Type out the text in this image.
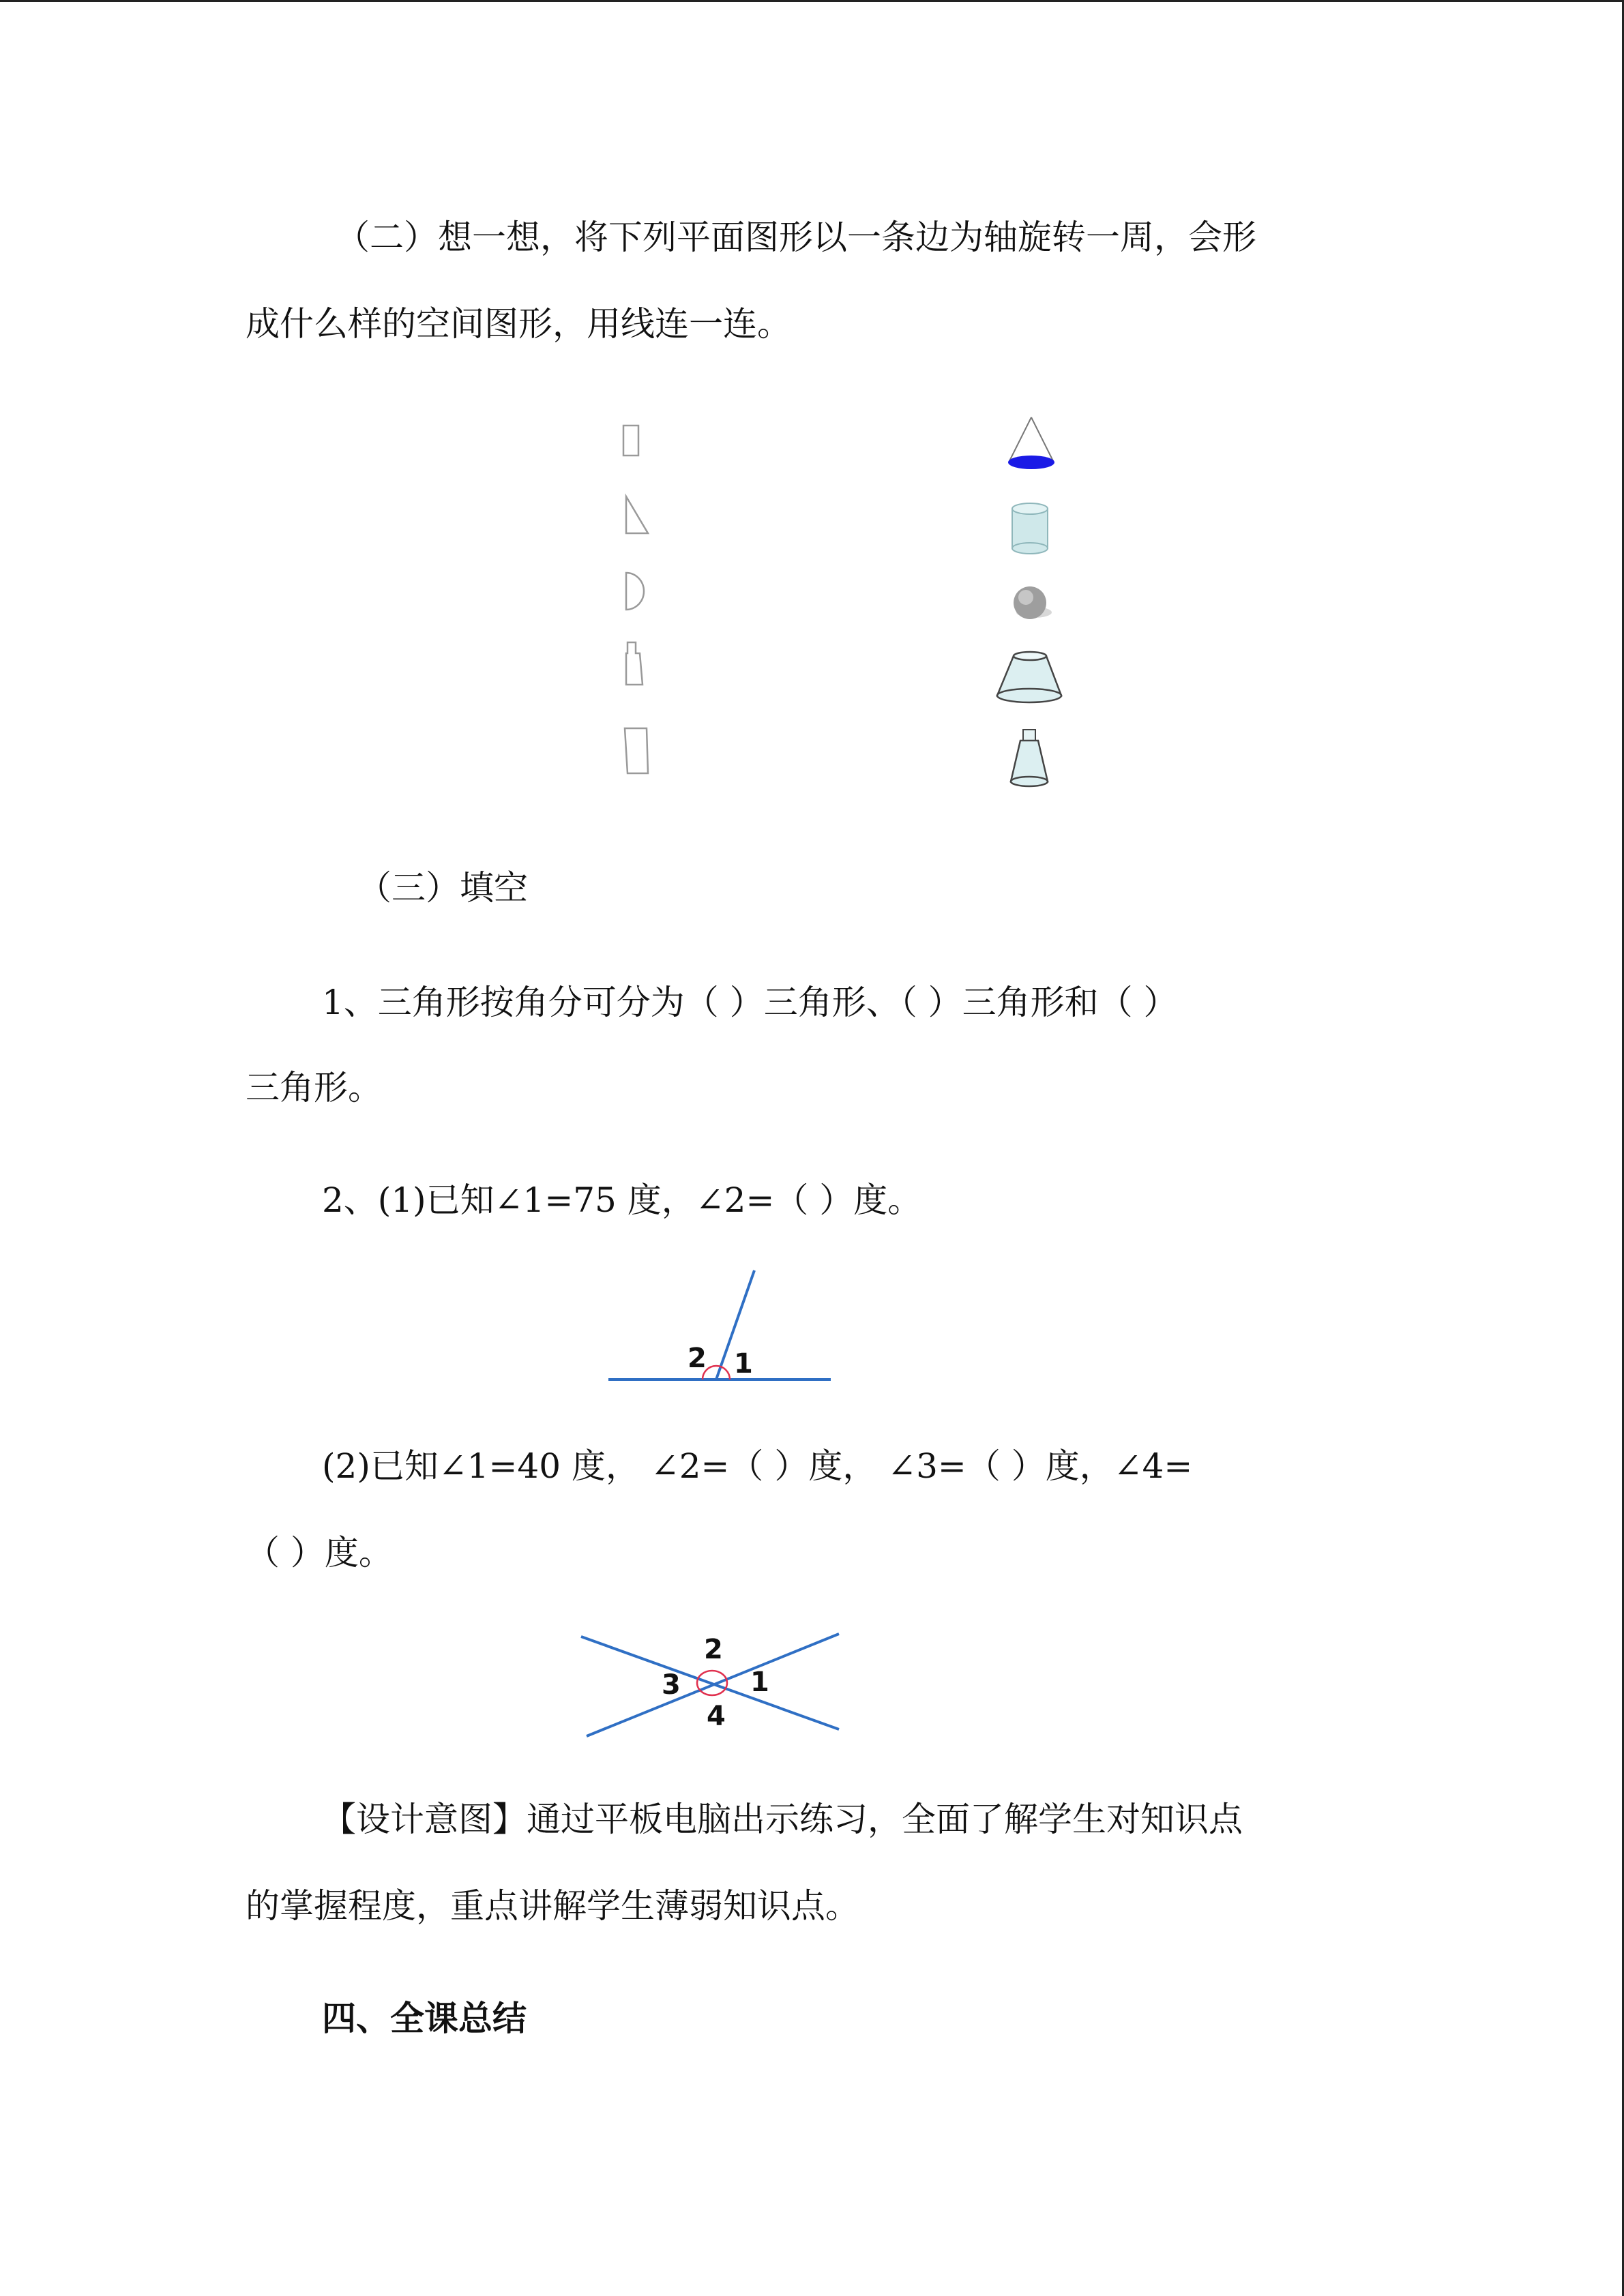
（二）想一想，将下列平面图形以一条边为轴旋转一周，会形

成什么样的空间图形，用线连一连。

（三）填空

1、三角形按角分可分为（ ）三角形、（ ）三角形和（ ）

三角形。

2、(1)已知∠1=75 度，∠2=（ ）度。

2 1

(2)已知∠1=40 度， ∠2=（ ）度， ∠3=（ ）度，∠4=

（ ）度。

2
1
3
4

【设计意图】通过平板电脑出示练习，全面了解学生对知识点

的掌握程度，重点讲解学生薄弱知识点。

四、全课总结
